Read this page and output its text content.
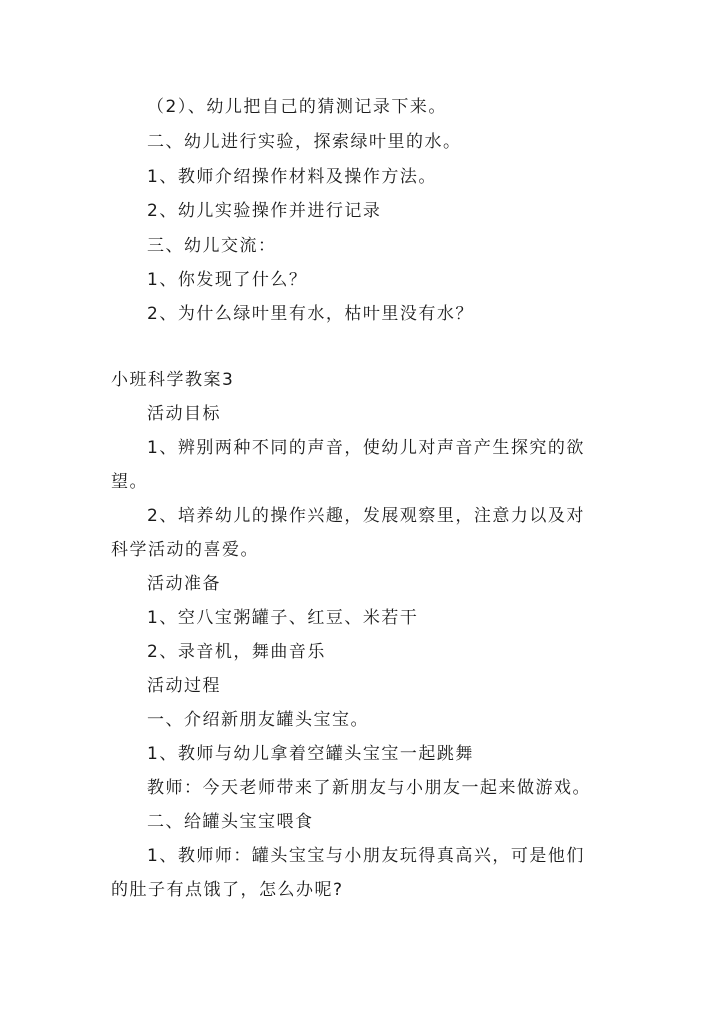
（2）、幼儿把自己的猜测记录下来。
二、幼儿进行实验，探索绿叶里的水。
1、教师介绍操作材料及操作方法。
2、幼儿实验操作并进行记录
三、幼儿交流：
1、你发现了什么？
2、为什么绿叶里有水，枯叶里没有水？
小班科学教案3
活动目标
1、辨别两种不同的声音，使幼儿对声音产生探究的欲
望。
2、培养幼儿的操作兴趣，发展观察里，注意力以及对
科学活动的喜爱。
活动准备
1、空八宝粥罐子、红豆、米若干
2、录音机，舞曲音乐
活动过程
一、介绍新朋友罐头宝宝。
1、教师与幼儿拿着空罐头宝宝一起跳舞
教师：今天老师带来了新朋友与小朋友一起来做游戏。
二、给罐头宝宝喂食
1、教师师：罐头宝宝与小朋友玩得真高兴，可是他们
的肚子有点饿了，怎么办呢?
